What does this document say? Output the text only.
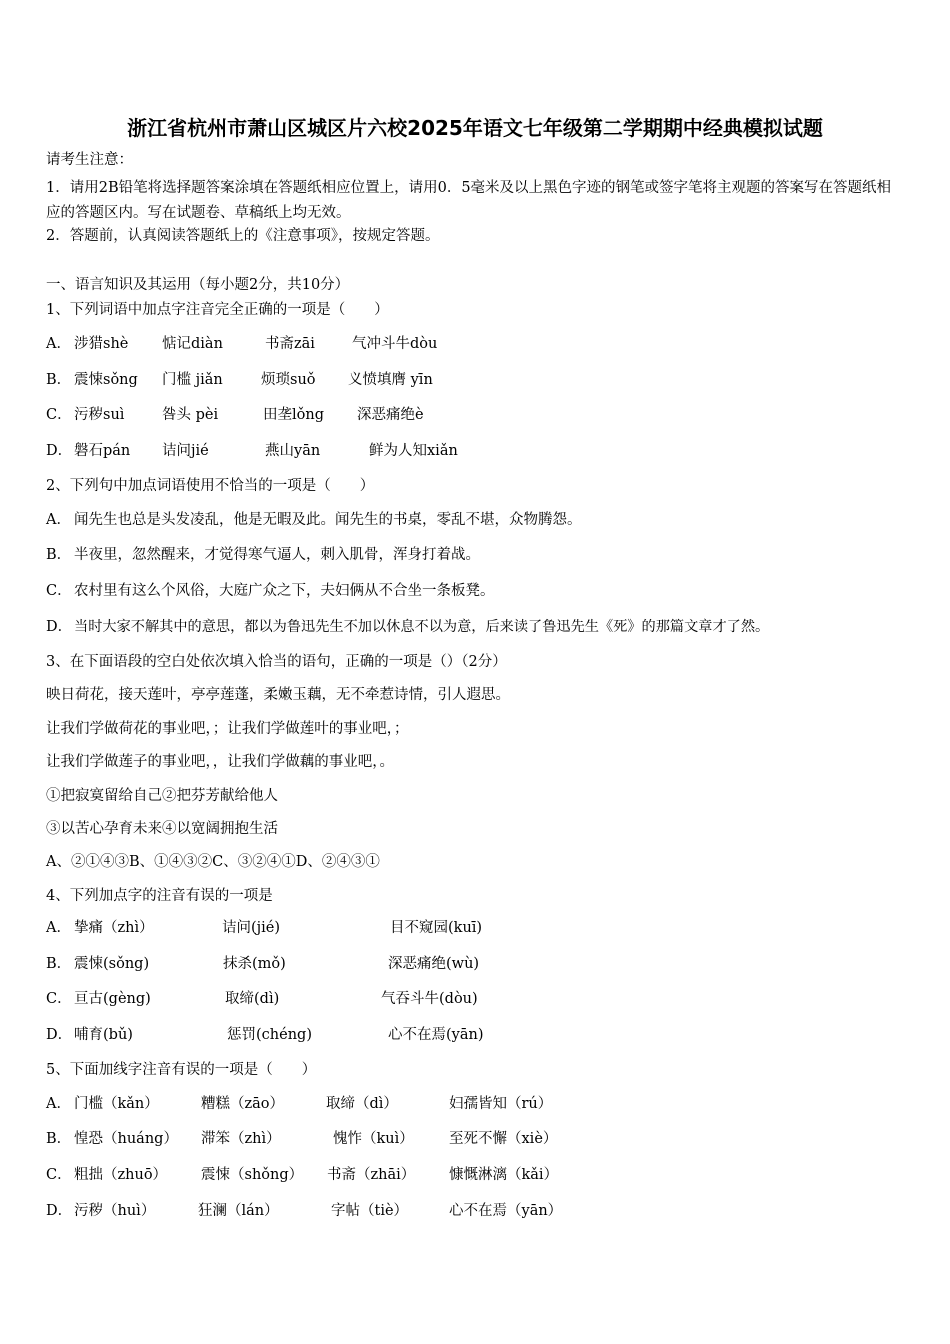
浙江省杭州市萧山区城区片六校2025年语文七年级第二学期期中经典模拟试题
请考生注意：
1．请用2B铅笔将选择题答案涂填在答题纸相应位置上，请用0．5毫米及以上黑色字迹的钢笔或签字笔将主观题的答案写在答题纸相应的答题区内。写在试题卷、草稿纸上均无效。
2．答题前，认真阅读答题纸上的《注意事项》，按规定答题。
一、语言知识及其运用（每小题2分，共10分）
1、下列词语中加点字注音完全正确的一项是（　　）
A． 涉猎shè 惦记diàn	书斋zāi	气冲斗牛dòu
B． 震悚sǒng 门槛 jiǎn	烦琐suǒ 义愤填膺 yīn
C． 污秽suì	咎头 pèi	田垄lǒng 深恶痛绝è
D． 磐石pán 诘问jié	燕山yān	鲜为人知xiǎn
2、下列句中加点词语使用不恰当的一项是（　　）
A． 闻先生也总是头发凌乱，他是无暇及此。闻先生的书桌，零乱不堪，众物腾怨。
B． 半夜里，忽然醒来，才觉得寒气逼人，刺入肌骨，浑身打着战。
C． 农村里有这么个风俗，大庭广众之下，夫妇俩从不合坐一条板凳。
D． 当时大家不解其中的意思，都以为鲁迅先生不加以休息不以为意，后来读了鲁迅先生《死》的那篇文章才了然。
3、在下面语段的空白处依次填入恰当的语句，正确的一项是（）（2分）
映日荷花，接天莲叶，亭亭莲蓬，柔嫩玉藕，无不牵惹诗情，引人遐思。
让我们学做荷花的事业吧，；让我们学做莲叶的事业吧，；
让我们学做莲子的事业吧，，让我们学做藕的事业吧，。
①把寂寞留给自己②把芬芳献给他人
③以苦心孕育未来④以宽阔拥抱生活
A、②①④③B、①④③②C、③②④①D、②④③①
4、下列加点字的注音有误的一项是
A． 挚痛（zhì）	诘问(jié)	目不窥园(kuī)
B． 震悚(sǒng)	抹杀(mǒ)	深恶痛绝(wù)
C． 亘古(gèng)	取缔(dì)	气吞斗牛(dòu)
D． 哺育(bǔ)	惩罚(chéng)	心不在焉(yān)
5、下面加线字注音有误的一项是（　　）
A． 门槛（kǎn）	糟糕（zāo）	取缔（dì）	妇孺皆知（rú）
B． 惶恐（huáng） 滞笨（zhì）	愧怍（kuì） 至死不懈（xiè）
C． 粗拙（zhuō） 震悚（shǒng） 书斋（zhāi） 慷慨淋漓（kǎi）
D． 污秽（huì）	狂澜（lán）	字帖（tiè）	心不在焉（yān）
